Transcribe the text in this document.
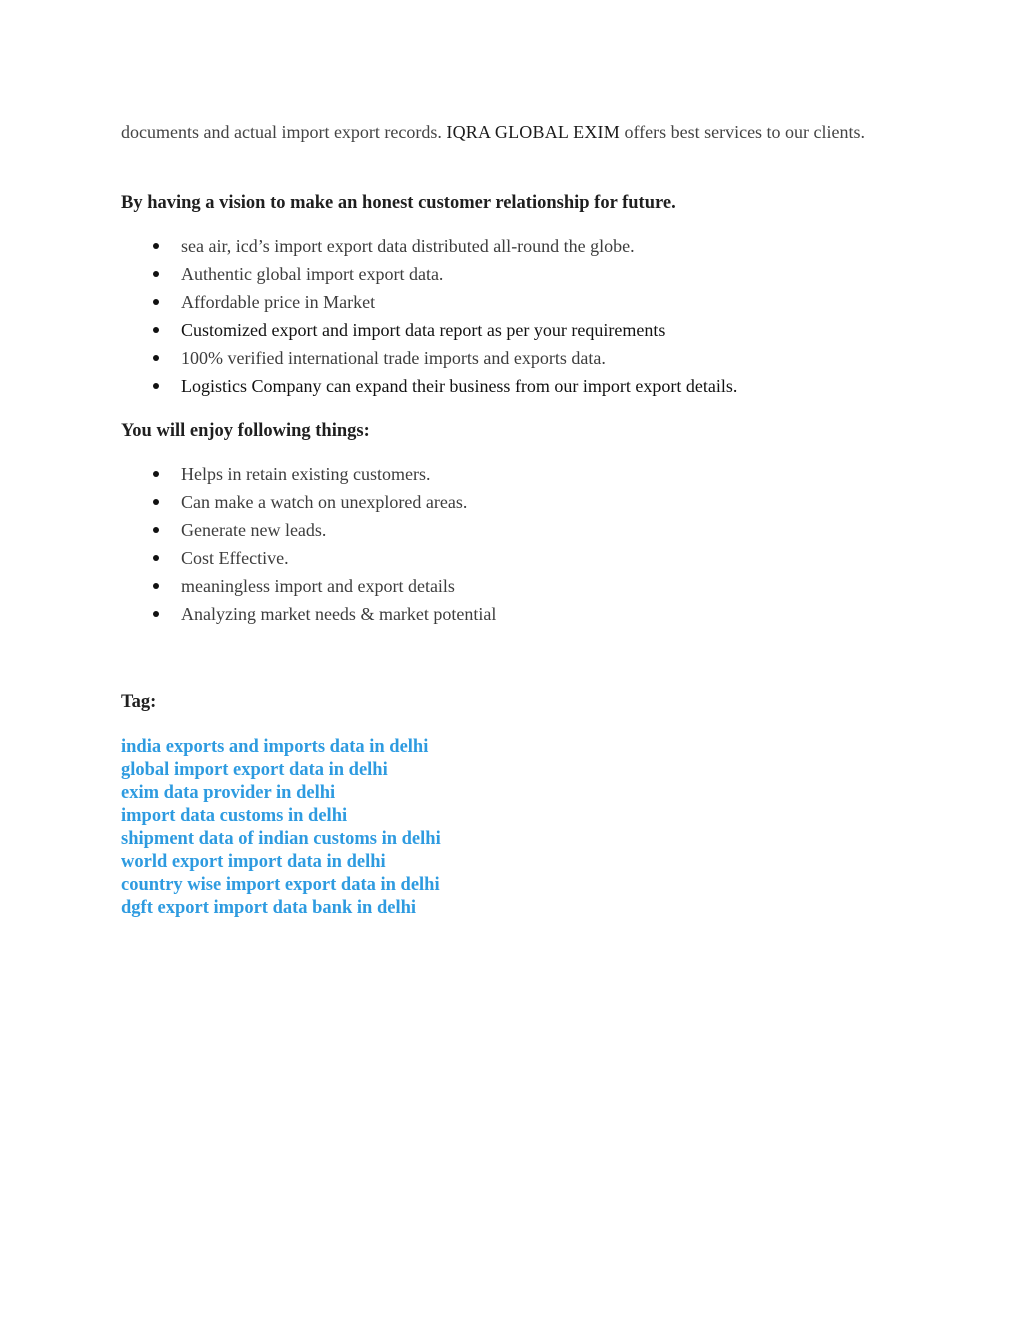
documents and actual import export records. IQRA GLOBAL EXIM offers best services to our clients.

By having a vision to make an honest customer relationship for future.
sea air, icd’s import export data distributed all-round the globe.
Authentic global import export data.
Affordable price in Market
Customized export and import data report as per your requirements
100% verified international trade imports and exports data.
Logistics Company can expand their business from our import export details.
You will enjoy following things:
Helps in retain existing customers.
Can make a watch on unexplored areas.
Generate new leads.
Cost Effective.
meaningless import and export details
Analyzing market needs & market potential
Tag:
india exports and imports data in delhi
global import export data in delhi
exim data provider in delhi
import data customs in delhi
shipment data of indian customs in delhi
world export import data in delhi
country wise import export data in delhi
dgft export import data bank in delhi
